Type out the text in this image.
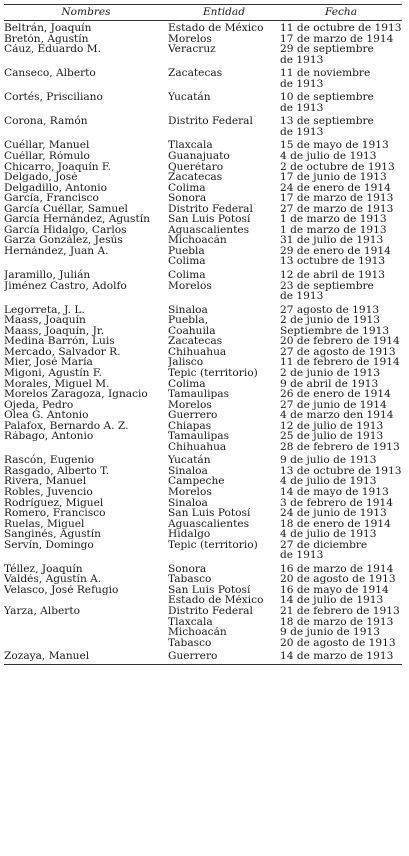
Nombres	Entidad	Fecha
Beltrán, Joaquín	Estado de México	11 de octubre de 1913
Bretón, Agustín	Morelos	17 de marzo de 1914
Cáuz, Eduardo M.	Veracruz	29 de septiembre
		de 1913
Canseco, Alberto	Zacatecas	11 de noviembre
		de 1913
Cortés, Prisciliano	Yucatán	10 de septiembre
		de 1913
Corona, Ramón	Distrito Federal	13 de septiembre
		de 1913
Cuéllar, Manuel	Tlaxcala	15 de mayo de 1913
Cuéllar, Rómulo	Guanajuato	4 de julio de 1913
Chicarro, Joaquín F.	Querétaro	2 de octubre de 1913
Delgado, José	Zacatecas	17 de junio de 1913
Delgadillo, Antonio	Colima	24 de enero de 1914
García, Francisco	Sonora	17 de marzo de 1913
García Cuéllar, Samuel	Distrito Federal	27 de marzo de 1913
García Hernández, Agustín	San Luis Potosí	1 de marzo de 1913
García Hidalgo, Carlos	Aguascalientes	1 de marzo de 1913
Garza González, Jesús	Michoacán	31 de julio de 1913
Hernández, Juan A.	Puebla	29 de enero de 1914
	Colima	13 octubre de 1913
Jaramillo, Julián	Colima	12 de abril de 1913
Jiménez Castro, Adolfo	Morelos	23 de septiembre
		de 1913
Legorreta, J. L.	Sinaloa	27 agosto de 1913
Maass, Joaquín	Puebla,	2 de junio de 1913
Maass, Joaquín, Jr.	Coahuila	Septiembre de 1913
Medina Barrón, Luis	Zacatecas	20 de febrero de 1914
Mercado, Salvador R.	Chihuahua	27 de agosto de 1913
Mier, José María	Jalisco	11 de febrero de 1914
Migoni, Agustín F.	Tepic (territorio)	2 de junio de 1913
Morales, Miguel M.	Colima	9 de abril de 1913
Morelos Zaragoza, Ignacio	Tamaulipas	26 de enero de 1914
Ojeda, Pedro	Morelos	27 de junio de 1914
Olea G. Antonio	Guerrero	4 de marzo den 1914
Palafox, Bernardo A. Z.	Chiapas	12 de julio de 1913
Rábago, Antonio	Tamaulipas	25 de julio de 1913
	Chihuahua	28 de febrero de 1913
Rascón, Eugenio	Yucatán	9 de julio de 1913
Rasgado, Alberto T.	Sinaloa	13 de octubre de 1913
Rivera, Manuel	Campeche	4 de julio de 1913
Robles, Juvencio	Morelos	14 de mayo de 1913
Rodríguez, Miguel	Sinaloa	3 de febrero de 1914
Romero, Francisco	San Luis Potosí	24 de junio de 1913
Ruelas, Miguel	Aguascalientes	18 de enero de 1914
Sanginés, Agustín	Hidalgo	4 de julio de 1913
Servín, Domingo	Tepic (territorio)	27 de diciembre
		de 1913
Téllez, Joaquín	Sonora	16 de marzo de 1914
Valdés, Agustín A.	Tabasco	20 de agosto de 1913
Velasco, José Refugio	San Luis Potosí	16 de mayo de 1914
	Estado de México	14 de julio de 1913
Yarza, Alberto	Distrito Federal	21 de febrero de 1913
	Tlaxcala	18 de marzo de 1913
	Michoacán	9 de junio de 1913
	Tabasco	20 de agosto de 1913
Zozaya, Manuel	Guerrero	14 de marzo de 1913
